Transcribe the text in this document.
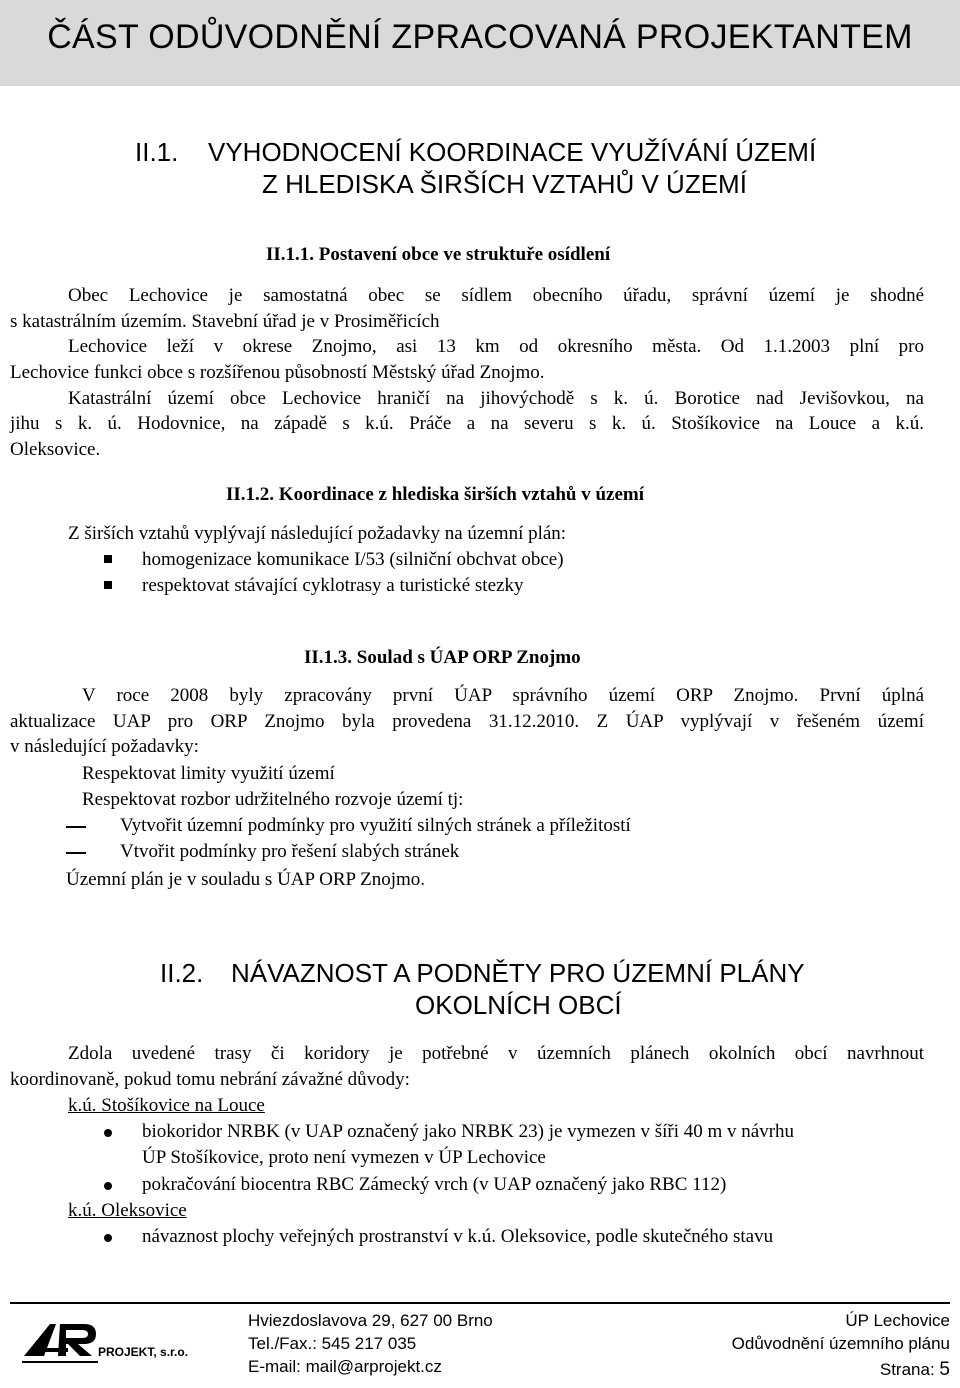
ČÁST ODŮVODNĚNÍ ZPRACOVANÁ PROJEKTANTEM
II.1. VYHODNOCENÍ KOORDINACE VYUŽÍVÁNÍ ÚZEMÍ
Z HLEDISKA ŠIRŠÍCH VZTAHŮ V ÚZEMÍ
II.1.1. Postavení obce ve struktuře osídlení
Obec Lechovice je samostatná obec se sídlem obecního úřadu, správní území je shodné
s katastrálním územím. Stavební úřad je v Prosiměřicích
Lechovice leží v okrese Znojmo, asi 13 km od okresního města. Od 1.1.2003 plní pro
Lechovice funkci obce s rozšířenou působností Městský úřad Znojmo.
Katastrální území obce Lechovice hraničí na jihovýchodě s k. ú. Borotice nad Jevišovkou, na
jihu s k. ú. Hodovnice, na západě s k.ú. Práče a na severu s k. ú. Stošíkovice na Louce a k.ú.
Oleksovice.
II.1.2. Koordinace z hlediska širších vztahů v území
Z širších vztahů vyplývají následující požadavky na územní plán:
homogenizace komunikace I/53 (silniční obchvat obce)
respektovat stávající cyklotrasy a turistické stezky
II.1.3. Soulad s ÚAP ORP Znojmo
V roce 2008 byly zpracovány první ÚAP správního území ORP Znojmo. První úplná
aktualizace UAP pro ORP Znojmo byla provedena 31.12.2010. Z ÚAP vyplývají v řešeném území
v následující požadavky:
Respektovat limity využití území
Respektovat rozbor udržitelného rozvoje území tj:
Vytvořit územní podmínky pro využití silných stránek a příležitostí
Vtvořit podmínky pro řešení slabých stránek
Územní plán je v souladu s ÚAP ORP Znojmo.
II.2. NÁVAZNOST A PODNĚTY PRO ÚZEMNÍ PLÁNY
OKOLNÍCH OBCÍ
Zdola uvedené trasy či koridory je potřebné v územních plánech okolních obcí navrhnout
koordinovaně, pokud tomu nebrání závažné důvody:
k.ú. Stošíkovice na Louce
biokoridor NRBK (v UAP označený jako NRBK 23) je vymezen v šíři 40 m v návrhu
ÚP Stošíkovice, proto není vymezen v ÚP Lechovice
pokračování biocentra RBC Zámecký vrch (v UAP označený jako RBC 112)
k.ú. Oleksovice
návaznost plochy veřejných prostranství v k.ú. Oleksovice, podle skutečného stavu
PROJEKT, s.r.o.
Hviezdoslavova 29, 627 00 Brno
Tel./Fax.: 545 217 035
E-mail: mail@arprojekt.cz
ÚP Lechovice
Odůvodnění územního plánu
Strana: 5
